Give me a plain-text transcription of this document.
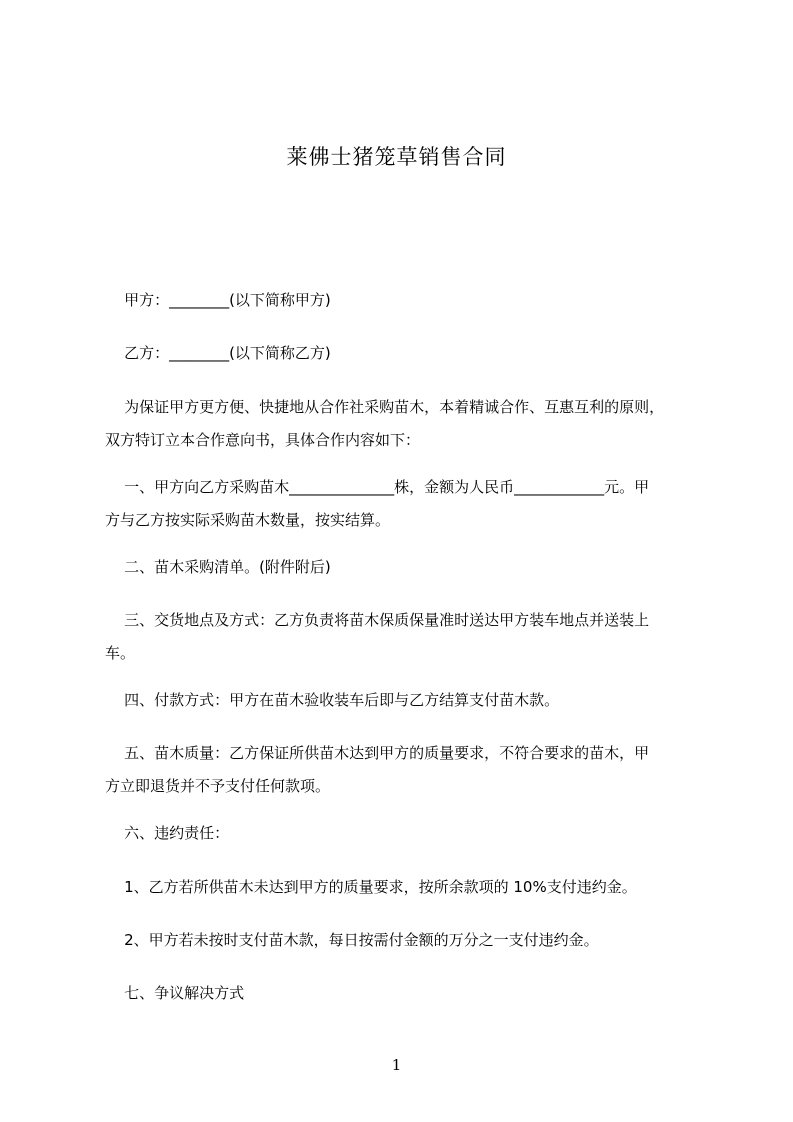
莱佛士猪笼草销售合同
甲方：________(以下简称甲方)
乙方：________(以下简称乙方)
为保证甲方更方便、快捷地从合作社采购苗木，本着精诚合作、互惠互利的原则，
双方特订立本合作意向书，具体合作内容如下：
一、甲方向乙方采购苗木______________株，金额为人民币____________元。甲
方与乙方按实际采购苗木数量，按实结算。
二、苗木采购清单。(附件附后)
三、交货地点及方式：乙方负责将苗木保质保量准时送达甲方装车地点并送装上
车。
四、付款方式：甲方在苗木验收装车后即与乙方结算支付苗木款。
五、苗木质量：乙方保证所供苗木达到甲方的质量要求，不符合要求的苗木，甲
方立即退货并不予支付任何款项。
六、违约责任：
1、乙方若所供苗木未达到甲方的质量要求，按所余款项的 10%支付违约金。
2、甲方若未按时支付苗木款，每日按需付金额的万分之一支付违约金。
七、争议解决方式
1
